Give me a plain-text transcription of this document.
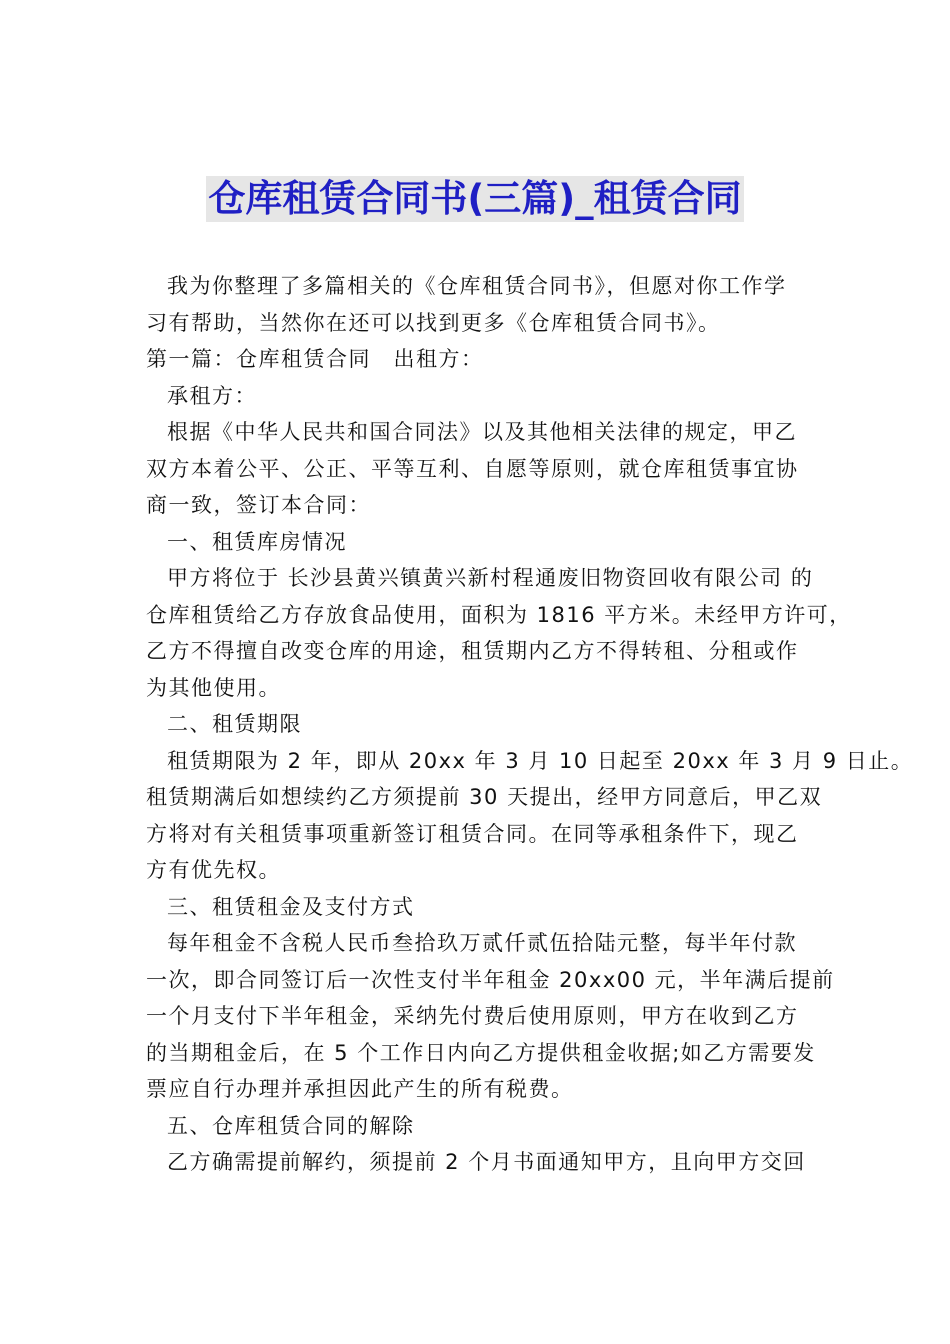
仓库租赁合同书(三篇)_租赁合同
我为你整理了多篇相关的《仓库租赁合同书》，但愿对你工作学
习有帮助，当然你在还可以找到更多《仓库租赁合同书》。
第一篇：仓库租赁合同　出租方：
承租方：
根据《中华人民共和国合同法》以及其他相关法律的规定，甲乙
双方本着公平、公正、平等互利、自愿等原则，就仓库租赁事宜协
商一致，签订本合同：
一、租赁库房情况
甲方将位于 长沙县黄兴镇黄兴新村程通废旧物资回收有限公司 的
仓库租赁给乙方存放食品使用，面积为 1816 平方米。未经甲方许可，
乙方不得擅自改变仓库的用途，租赁期内乙方不得转租、分租或作
为其他使用。
二、租赁期限
租赁期限为 2 年，即从 20xx 年 3 月 10 日起至 20xx 年 3 月 9 日止。
租赁期满后如想续约乙方须提前 30 天提出，经甲方同意后，甲乙双
方将对有关租赁事项重新签订租赁合同。在同等承租条件下，现乙
方有优先权。
三、租赁租金及支付方式
每年租金不含税人民币叁拾玖万贰仟贰伍拾陆元整，每半年付款
一次，即合同签订后一次性支付半年租金 20xx00 元，半年满后提前
一个月支付下半年租金，采纳先付费后使用原则，甲方在收到乙方
的当期租金后，在 5 个工作日内向乙方提供租金收据;如乙方需要发
票应自行办理并承担因此产生的所有税费。
五、仓库租赁合同的解除
乙方确需提前解约，须提前 2 个月书面通知甲方，且向甲方交回
